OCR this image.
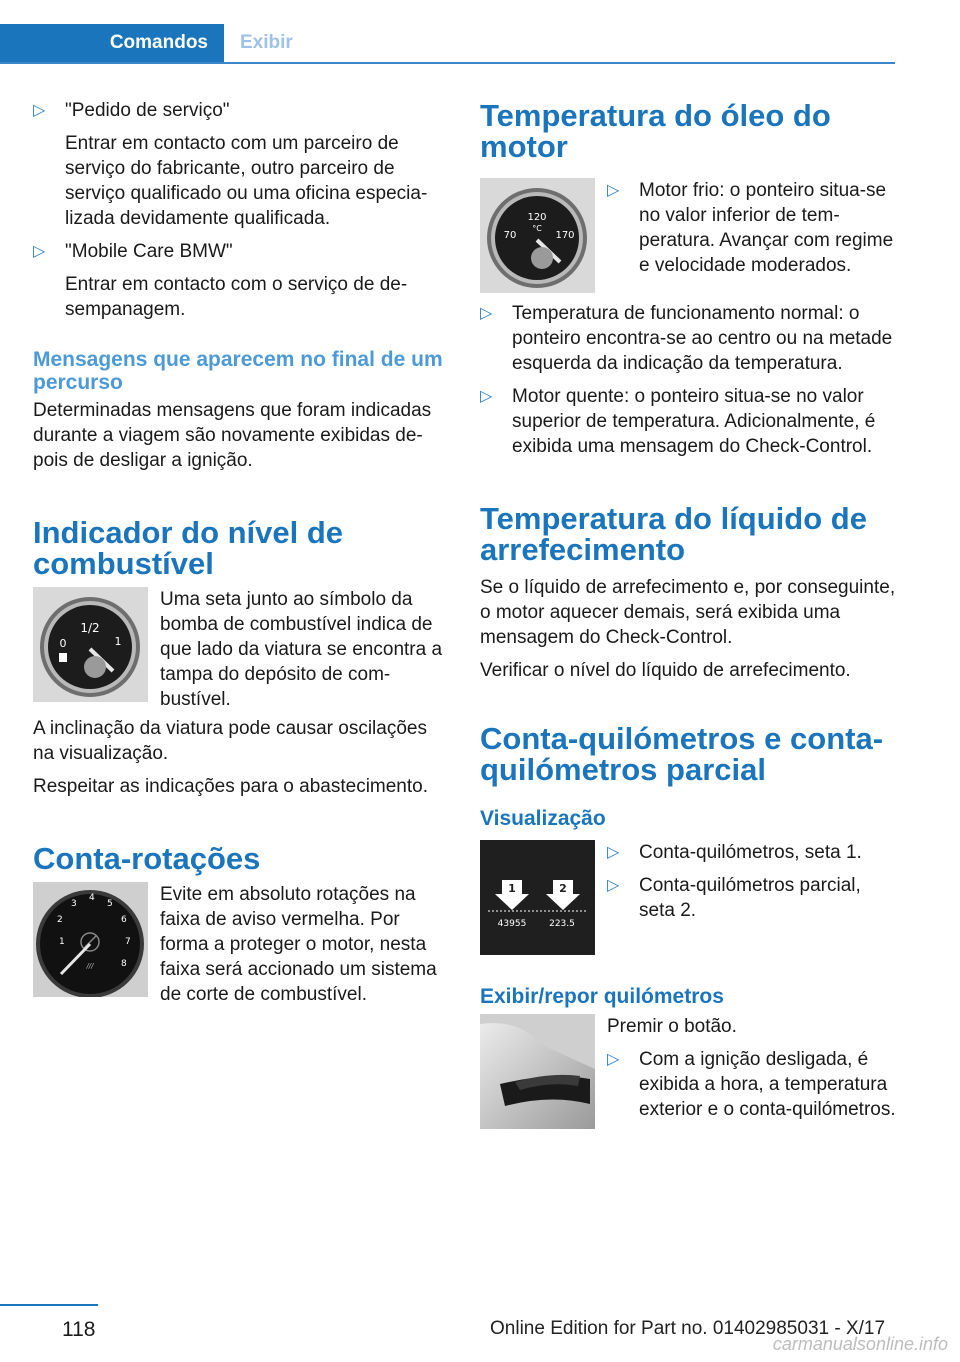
Comandos	Exibir
▷ "Pedido de serviço"

Entrar em contacto com um parceiro de serviço do fabricante, outro parceiro de serviço qualificado ou uma oficina especializada devidamente qualificada.

▷ "Mobile Care BMW"

Entrar em contacto com o serviço de desempanagem.

Mensagens que aparecem no final de um percurso

Determinadas mensagens que foram indicadas durante a viagem são novamente exibidas depois de desligar a ignição.

Indicador do nível de combustível
1/2
0	1

Uma seta junto ao símbolo da bomba de combustível indica de que lado da viatura se encontra a tampa do depósito de combustível.

A inclinação da viatura pode causar oscilações na visualização.

Respeitar as indicações para o abastecimento.

Conta-rotações
1
2
3
4
5
6
7
8
///

Evite em absoluto rotações na faixa de aviso vermelha. Por forma a proteger o motor, nesta faixa será accionado um sistema de corte de combustível.

Temperatura do óleo do motor
120
°C
70	170
▷ Motor frio: o ponteiro situa-se no valor inferior de temperatura. Avançar com regime e velocidade moderados.

▷ Temperatura de funcionamento normal: o ponteiro encontra-se ao centro ou na metade esquerda da indicação da temperatura.

▷ Motor quente: o ponteiro situa-se no valor superior de temperatura. Adicionalmente, é exibida uma mensagem do Check-Control.

Temperatura do líquido de arrefecimento

Se o líquido de arrefecimento e, por conseguinte, o motor aquecer demais, será exibida uma mensagem do Check-Control.

Verificar o nível do líquido de arrefecimento.

Conta-quilómetros e conta-quilómetros parcial
Visualização
1	2
43955	223.5
▷ Conta-quilómetros, seta 1.

▷ Conta-quilómetros parcial, seta 2.

Exibir/repor quilómetros

Premir o botão.

▷ Com a ignição desligada, é exibida a hora, a temperatura exterior e o conta-quilómetros.

118	Online Edition for Part no. 01402985031 - X/17
carmanualsonline.info
